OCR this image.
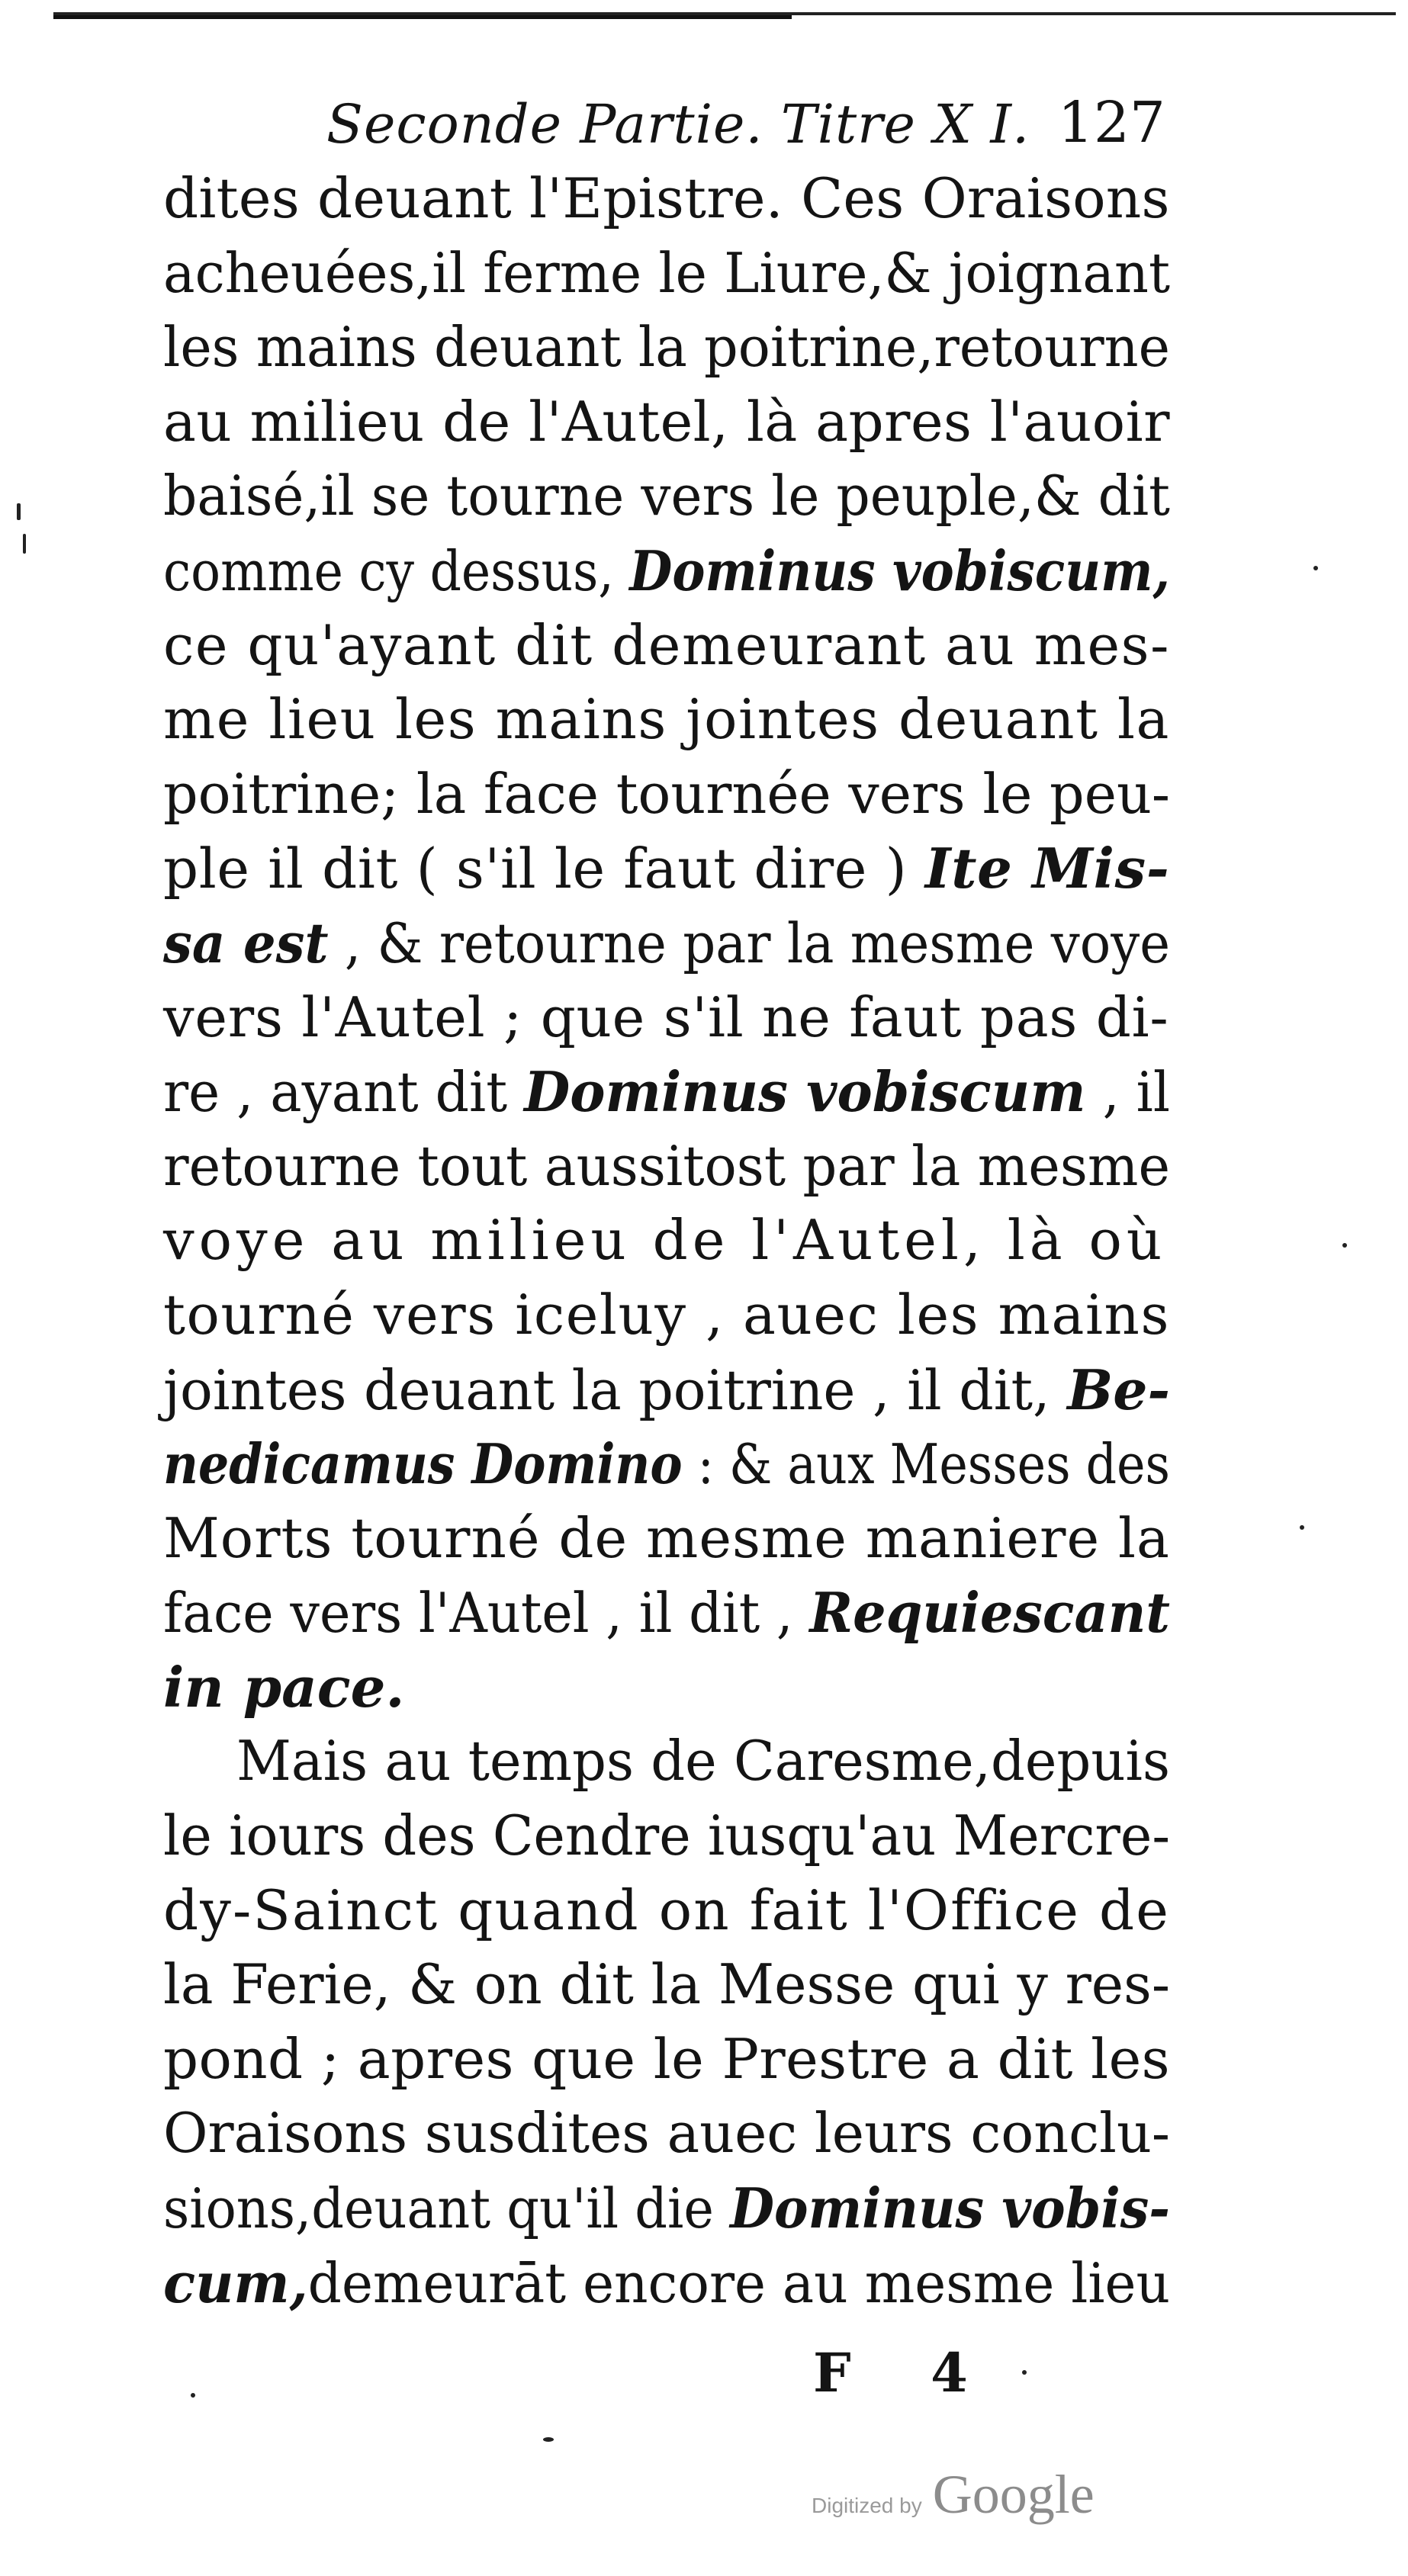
Seconde Partie. Titre X I. 127
dites deuant l'Epistre. Ces Oraisons
acheuées,il ferme le Liure,& joignant
les mains deuant la poitrine,retourne
au milieu de l'Autel, là apres l'auoir
baisé,il se tourne vers le peuple,& dit
comme cy dessus, Dominus vobiscum,
ce qu'ayant dit demeurant au mes-
me lieu les mains jointes deuant la
poitrine; la face tournée vers le peu-
ple il dit ( s'il le faut dire ) Ite Mis-
sa est , & retourne par la mesme voye
vers l'Autel ; que s'il ne faut pas di-
re , ayant dit Dominus vobiscum , il
retourne tout aussitost par la mesme
voye au milieu de l'Autel, là où
tourné vers iceluy , auec les mains
jointes deuant la poitrine , il dit, Be-
nedicamus Domino : & aux Messes des
Morts tourné de mesme maniere la
face vers l'Autel , il dit , Requiescant
in pace.
Mais au temps de Caresme,depuis
le iours des Cendre iusqu'au Mercre-
dy-Sainct quand on fait l'Office de
la Ferie, & on dit la Messe qui y res-
pond ; apres que le Prestre a dit les
Oraisons susdites auec leurs conclu-
sions,deuant qu'il die Dominus vobis-
cum,demeurāt encore au mesme lieu
F 4
Digitized by Google
